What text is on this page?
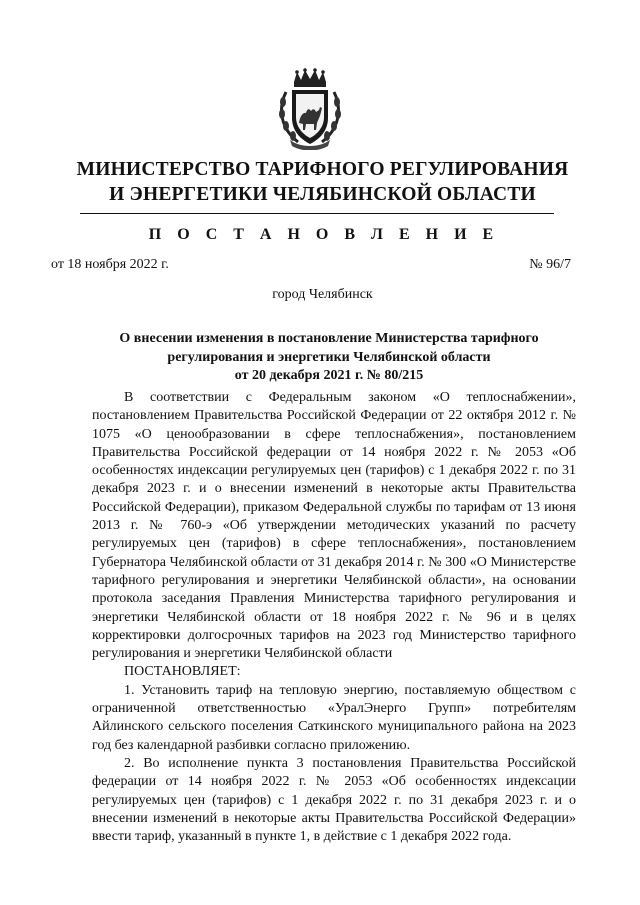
МИНИСТЕРСТВО ТАРИФНОГО РЕГУЛИРОВАНИЯ
И ЭНЕРГЕТИКИ ЧЕЛЯБИНСКОЙ ОБЛАСТИ
П О С Т А Н О В Л Е Н И Е
от 18 ноября 2022 г.	№ 96/7
город Челябинск
О внесении изменения в постановление Министерства тарифного
регулирования и энергетики Челябинской области
от 20 декабря 2021 г. № 80/215

В соответствии с Федеральным законом «О теплоснабжении», постановлением Правительства Российской Федерации от 22 октября 2012 г. № 1075 «О ценообразовании в сфере теплоснабжения», постановлением Правительства Российской федерации от 14 ноября 2022 г. № 2053 «Об особенностях индексации регулируемых цен (тарифов) с 1 декабря 2022 г. по 31 декабря 2023 г. и о внесении изменений в некоторые акты Правительства Российской Федерации), приказом Федеральной службы по тарифам от 13 июня 2013 г. № 760-э «Об утверждении методических указаний по расчету регулируемых цен (тарифов) в сфере теплоснабжения», постановлением Губернатора Челябинской области от 31 декабря 2014 г. № 300 «О Министерстве тарифного регулирования и энергетики Челябинской области», на основании протокола заседания Правления Министерства тарифного регулирования и энергетики Челябинской области от 18 ноября 2022 г. № 96 и в целях корректировки долгосрочных тарифов на 2023 год Министерство тарифного регулирования и энергетики Челябинской области

ПОСТАНОВЛЯЕТ:

1. Установить тариф на тепловую энергию, поставляемую обществом с ограниченной ответственностью «УралЭнерго Групп» потребителям Айлинского сельского поселения Саткинского муниципального района на 2023 год без календарной разбивки согласно приложению.

2. Во исполнение пункта 3 постановления Правительства Российской федерации от 14 ноября 2022 г. № 2053 «Об особенностях индексации регулируемых цен (тарифов) с 1 декабря 2022 г. по 31 декабря 2023 г. и о внесении изменений в некоторые акты Правительства Российской Федерации» ввести тариф, указанный в пункте 1, в действие с 1 декабря 2022 года.
